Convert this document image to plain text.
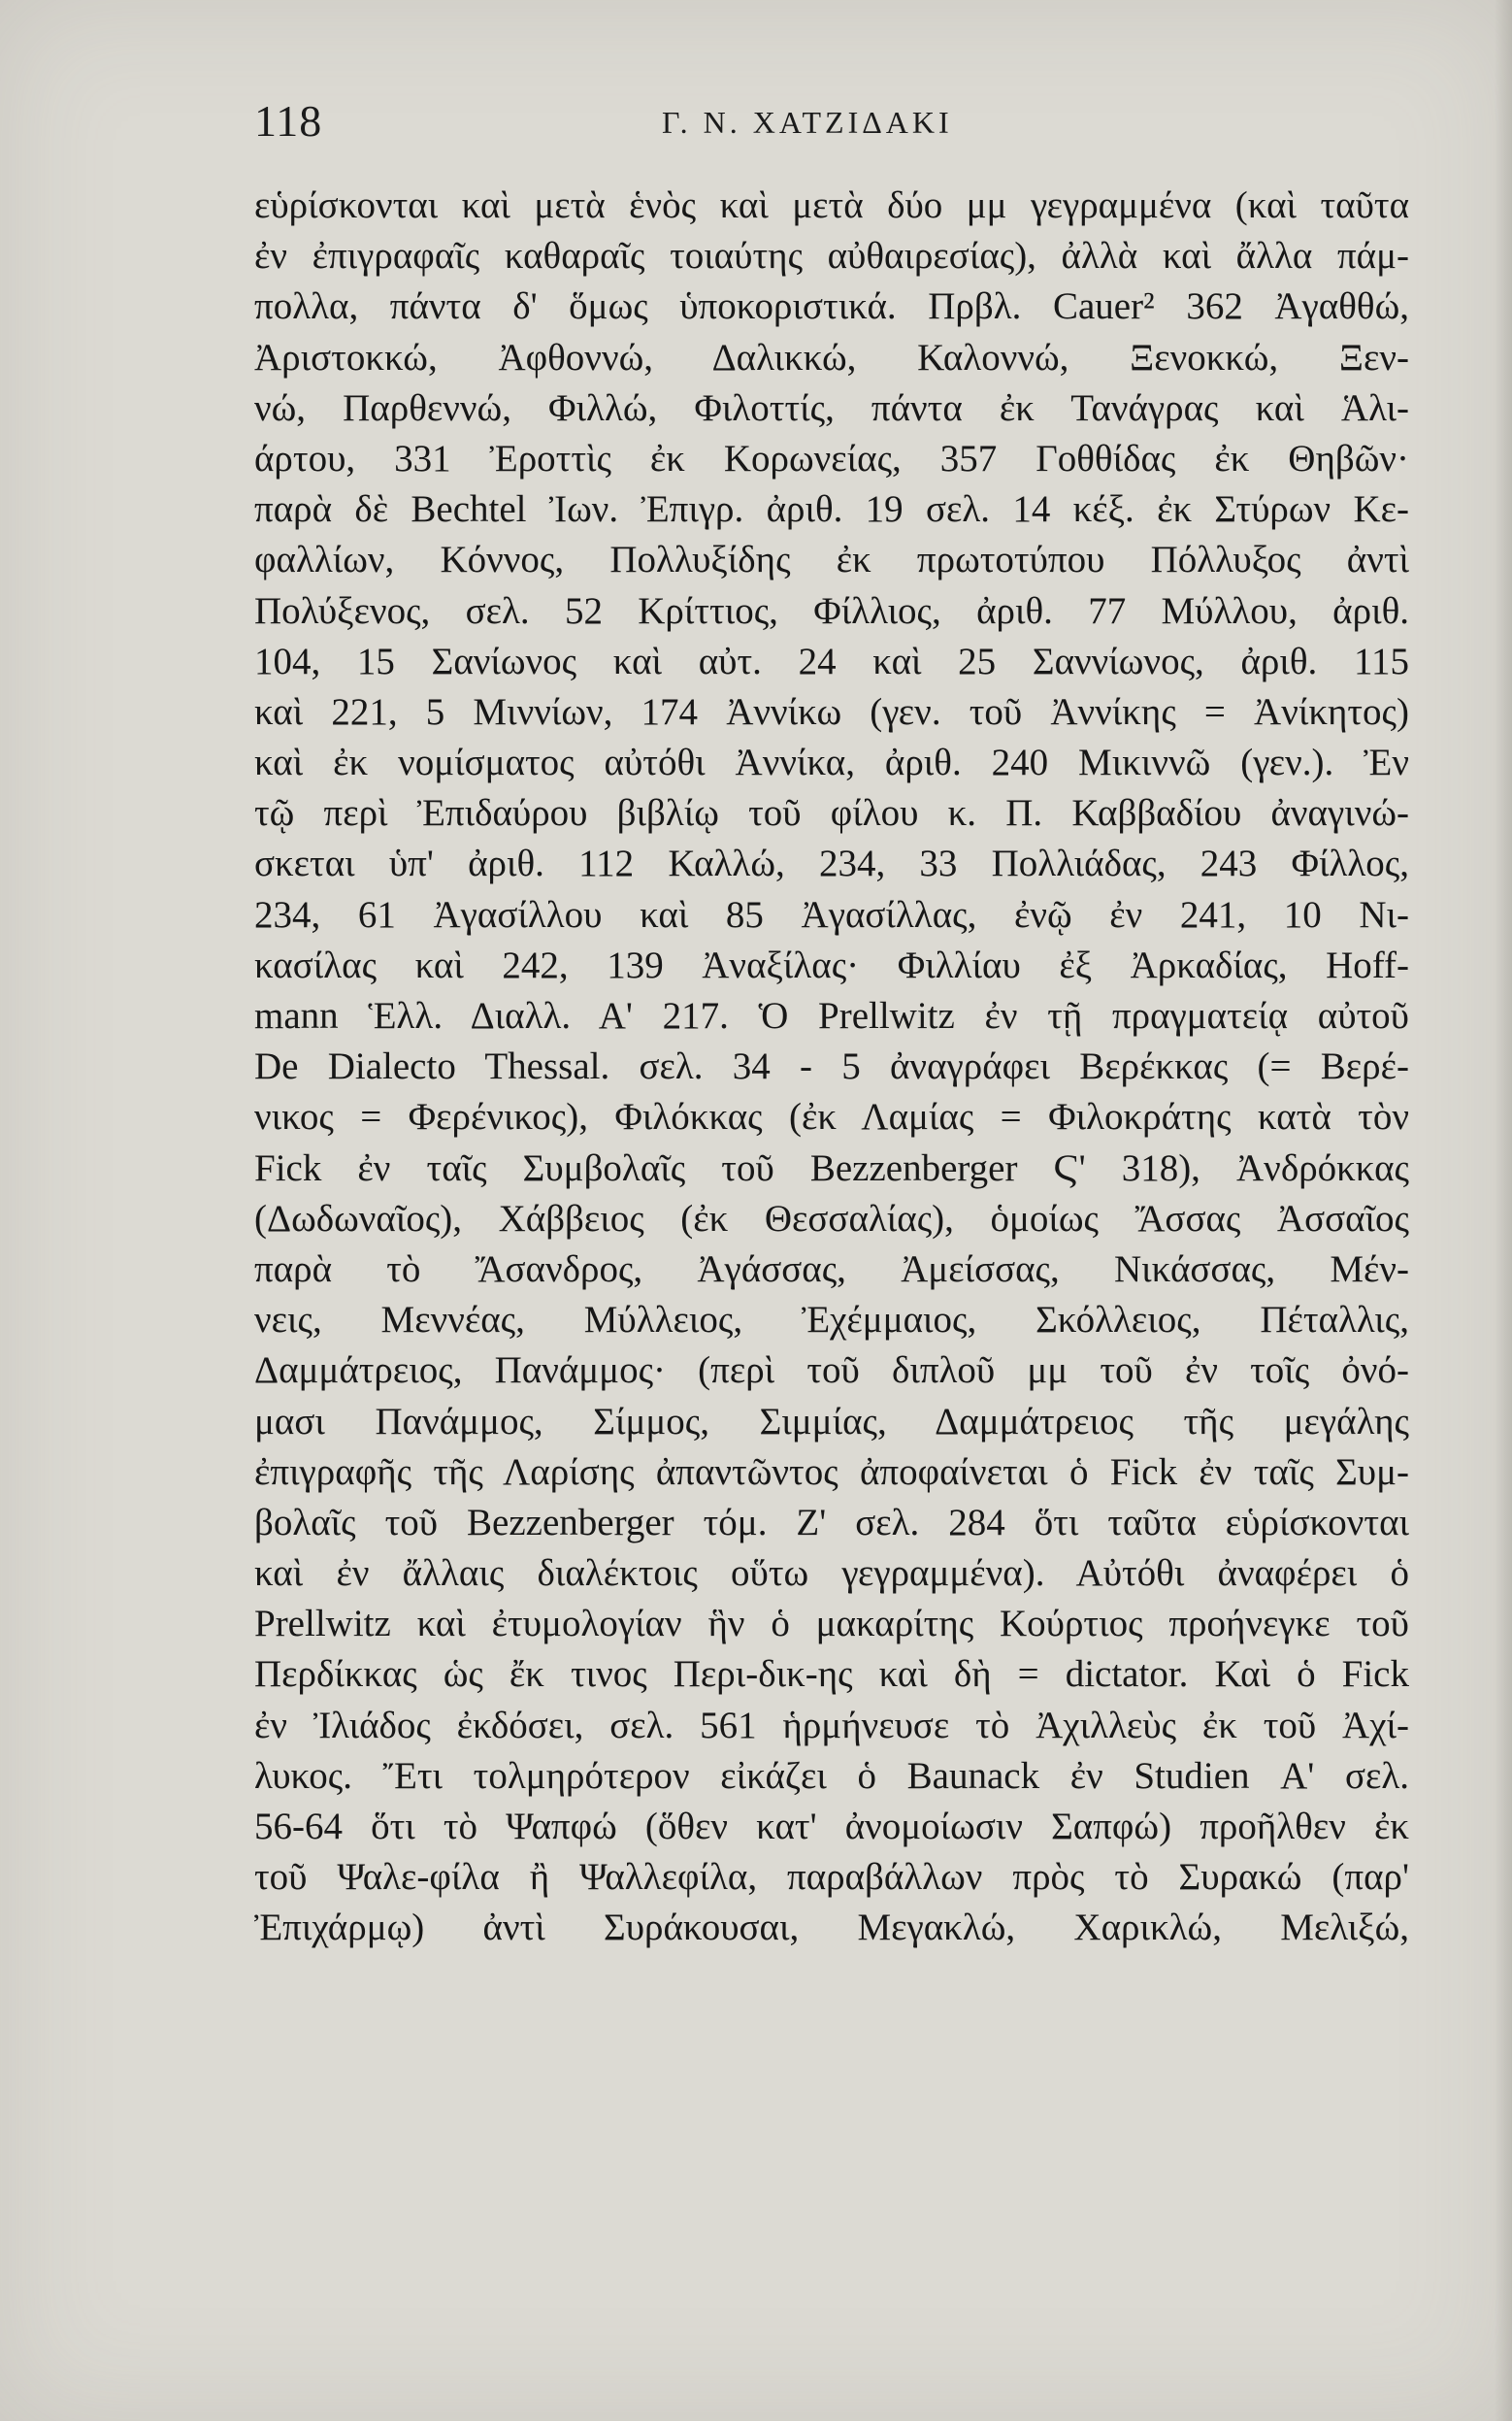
118	Γ. Ν. ΧΑΤΖΙΔΑΚΙ
εὑρίσκονται καὶ μετὰ ἑνὸς καὶ μετὰ δύο μμ γεγραμμένα (καὶ ταῦτα
ἐν ἐπιγραφαῖς καθαραῖς τοιαύτης αὐθαιρεσίας), ἀλλὰ καὶ ἄλλα πάμ-
πολλα, πάντα δ' ὅμως ὑποκοριστικά. Πρβλ. Cauer² 362 Ἀγαθθώ,
Ἀριστοκκώ, Ἀφθοννώ, Δαλικκώ, Καλοννώ, Ξενοκκώ, Ξεν-
νώ, Παρθεννώ, Φιλλώ, Φιλοττίς, πάντα ἐκ Τανάγρας καὶ Ἁλι-
άρτου, 331 Ἐροττὶς ἐκ Κορωνείας, 357 Γοθθίδας ἐκ Θηβῶν·
παρὰ δὲ Bechtel Ἰων. Ἐπιγρ. ἀριθ. 19 σελ. 14 κέξ. ἐκ Στύρων Κε-
φαλλίων, Κόννος, Πολλυξίδης ἐκ πρωτοτύπου Πόλλυξος ἀντὶ
Πολύξενος, σελ. 52 Κρίττιος, Φίλλιος, ἀριθ. 77 Μύλλου, ἀριθ.
104, 15 Σανίωνος καὶ αὐτ. 24 καὶ 25 Σαννίωνος, ἀριθ. 115
καὶ 221, 5 Μιννίων, 174 Ἀννίκω (γεν. τοῦ Ἀννίκης = Ἀνίκητος)
καὶ ἐκ νομίσματος αὐτόθι Ἀννίκα, ἀριθ. 240 Μικιννῶ (γεν.). Ἐν
τῷ περὶ Ἐπιδαύρου βιβλίῳ τοῦ φίλου κ. Π. Καββαδίου ἀναγινώ-
σκεται ὑπ' ἀριθ. 112 Καλλώ, 234, 33 Πολλιάδας, 243 Φίλλος,
234, 61 Ἀγασίλλου καὶ 85 Ἀγασίλλας, ἐνῷ ἐν 241, 10 Νι-
κασίλας καὶ 242, 139 Ἀναξίλας· Φιλλίαυ ἐξ Ἀρκαδίας, Hoff-
mann Ἑλλ. Διαλλ. Α' 217. Ὁ Prellwitz ἐν τῇ πραγματείᾳ αὐτοῦ
De Dialecto Thessal. σελ. 34 - 5 ἀναγράφει Βερέκκας (= Βερέ-
νικος = Φερένικος), Φιλόκκας (ἐκ Λαμίας = Φιλοκράτης κατὰ τὸν
Fick ἐν ταῖς Συμβολαῖς τοῦ Bezzenberger Ϛ' 318), Ἀνδρόκκας
(Δωδωναῖος), Χάββειος (ἐκ Θεσσαλίας), ὁμοίως Ἄσσας Ἀσσαῖος
παρὰ τὸ Ἄσανδρος, Ἀγάσσας, Ἀμείσσας, Νικάσσας, Μέν-
νεις, Μεννέας, Μύλλειος, Ἐχέμμαιος, Σκόλλειος, Πέταλλις,
Δαμμάτρειος, Πανάμμος· (περὶ τοῦ διπλοῦ μμ τοῦ ἐν τοῖς ὀνό-
μασι Πανάμμος, Σίμμος, Σιμμίας, Δαμμάτρειος τῆς μεγάλης
ἐπιγραφῆς τῆς Λαρίσης ἀπαντῶντος ἀποφαίνεται ὁ Fick ἐν ταῖς Συμ-
βολαῖς τοῦ Bezzenberger τόμ. Ζ' σελ. 284 ὅτι ταῦτα εὑρίσκονται
καὶ ἐν ἄλλαις διαλέκτοις οὕτω γεγραμμένα). Αὐτόθι ἀναφέρει ὁ
Prellwitz καὶ ἐτυμολογίαν ἣν ὁ μακαρίτης Κούρτιος προήνεγκε τοῦ
Περδίκκας ὡς ἔκ τινος Περι-δικ-ης καὶ δὴ = dictator. Καὶ ὁ Fick
ἐν Ἰλιάδος ἐκδόσει, σελ. 561 ἡρμήνευσε τὸ Ἀχιλλεὺς ἐκ τοῦ Ἀχί-
λυκος. Ἔτι τολμηρότερον εἰκάζει ὁ Baunack ἐν Studien Α' σελ.
56-64 ὅτι τὸ Ψαπφώ (ὅθεν κατ' ἀνομοίωσιν Σαπφώ) προῆλθεν ἐκ
τοῦ Ψαλε-φίλα ἢ Ψαλλεφίλα, παραβάλλων πρὸς τὸ Συρακώ (παρ'
Ἐπιχάρμῳ) ἀντὶ Συράκουσαι, Μεγακλώ, Χαρικλώ, Μελιξώ,
